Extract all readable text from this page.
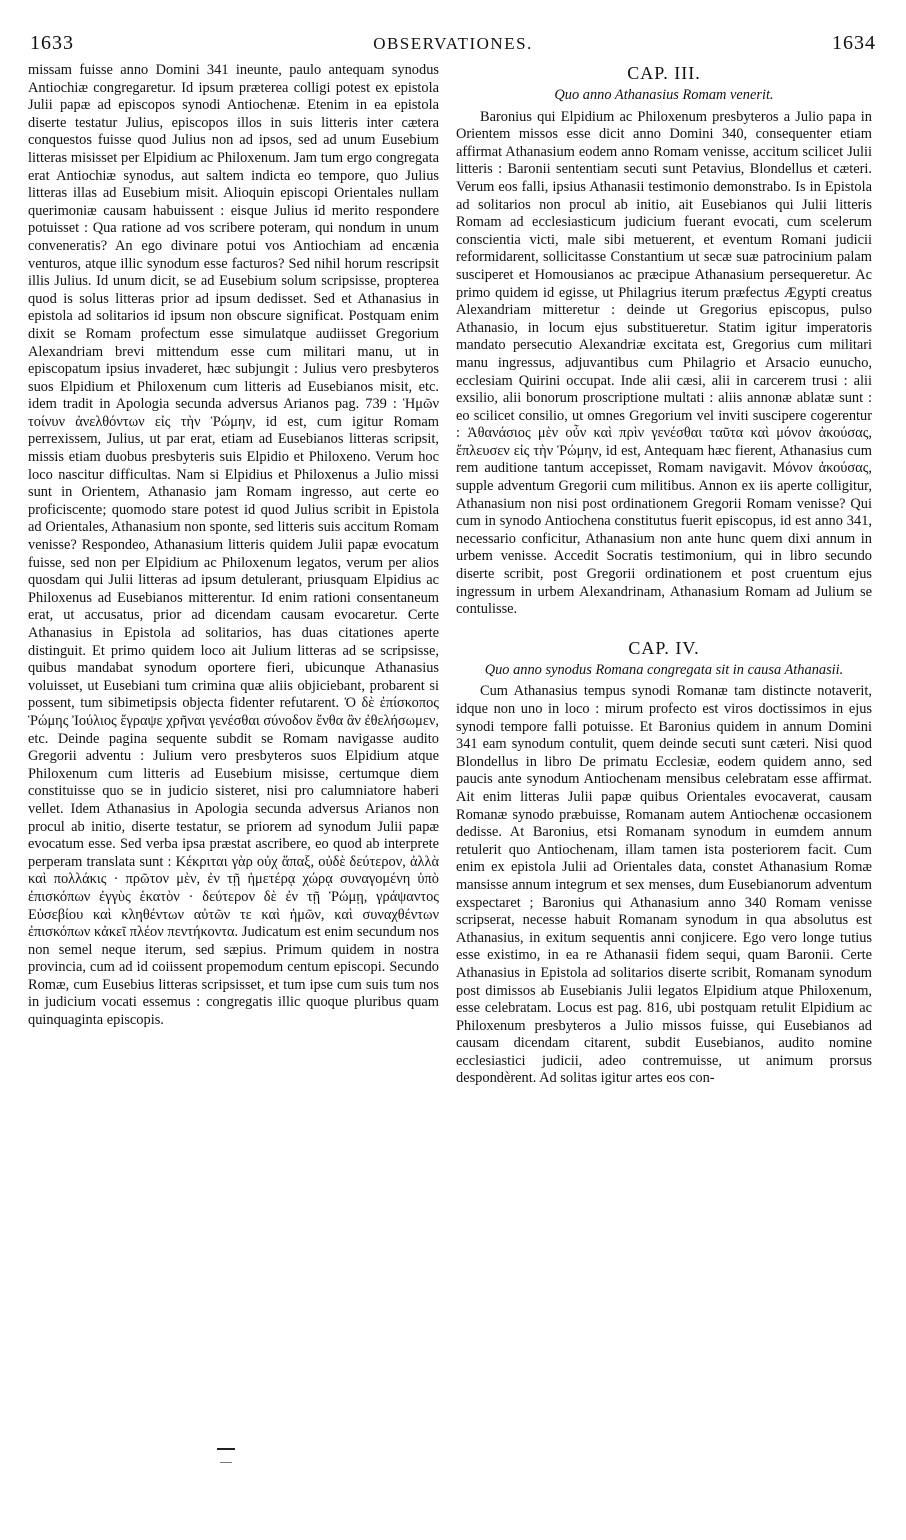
1633	OBSERVATIONES.	1634

missam fuisse anno Domini 341 ineunte, paulo antequam synodus Antiochiæ congregaretur. Id ipsum præterea colligi potest ex epistola Julii papæ ad episcopos synodi Antiochenæ. Etenim in ea epistola diserte testatur Julius, episcopos illos in suis litteris inter cætera conquestos fuisse quod Julius non ad ipsos, sed ad unum Eusebium litteras misisset per Elpidium ac Philoxenum. Jam tum ergo congregata erat Antiochiæ synodus, aut saltem indicta eo tempore, quo Julius litteras illas ad Eusebium misit. Alioquin episcopi Orientales nullam querimoniæ causam habuissent : eisque Julius id merito respondere potuisset : Qua ratione ad vos scribere poteram, qui nondum in unum conveneratis? An ego divinare potui vos Antiochiam ad encænia venturos, atque illic synodum esse facturos? Sed nihil horum rescripsit illis Julius. Id unum dicit, se ad Eusebium solum scripsisse, propterea quod is solus litteras prior ad ipsum dedisset. Sed et Athanasius in epistola ad solitarios id ipsum non obscure significat. Postquam enim dixit se Romam profectum esse simulatque audiisset Gregorium Alexandriam brevi mittendum esse cum militari manu, ut in episcopatum ipsius invaderet, hæc subjungit : Julius vero presbyteros suos Elpidium et Philoxenum cum litteris ad Eusebianos misit, etc. idem tradit in Apologia secunda adversus Arianos pag. 739 : Ἡμῶν τοίνυν ἀνελθόντων εἰς τὴν Ῥώμην, id est, cum igitur Romam perrexissem, Julius, ut par erat, etiam ad Eusebianos litteras scripsit, missis etiam duobus presbyteris suis Elpidio et Philoxeno. Verum hoc loco nascitur difficultas. Nam si Elpidius et Philoxenus a Julio missi sunt in Orientem, Athanasio jam Romam ingresso, aut certe eo proficiscente; quomodo stare potest id quod Julius scribit in Epistola ad Orientales, Athanasium non sponte, sed litteris suis accitum Romam venisse? Respondeo, Athanasium litteris quidem Julii papæ evocatum fuisse, sed non per Elpidium ac Philoxenum legatos, verum per alios quosdam qui Julii litteras ad ipsum detulerant, priusquam Elpidius ac Philoxenus ad Eusebianos mitterentur. Id enim rationi consentaneum erat, ut accusatus, prior ad dicendam causam evocaretur. Certe Athanasius in Epistola ad solitarios, has duas citationes aperte distinguit. Et primo quidem loco ait Julium litteras ad se scripsisse, quibus mandabat synodum oportere fieri, ubicunque Athanasius voluisset, ut Eusebiani tum crimina quæ aliis objiciebant, probarent si possent, tum sibimetipsis objecta fidenter refutarent. Ὁ δὲ ἐπίσκοπος Ῥώμης Ἰούλιος ἔγραψε χρῆναι γενέσθαι σύνοδον ἔνθα ἂν ἐθελήσωμεν, etc. Deinde pagina sequente subdit se Romam navigasse audito Gregorii adventu : Julium vero presbyteros suos Elpidium atque Philoxenum cum litteris ad Eusebium misisse, certumque diem constituisse quo se in judicio sisteret, nisi pro calumniatore haberi vellet. Idem Athanasius in Apologia secunda adversus Arianos non procul ab initio, diserte testatur, se priorem ad synodum Julii papæ evocatum esse. Sed verba ipsa præstat ascribere, eo quod ab interprete perperam translata sunt : Κέκριται γὰρ οὐχ ἅπαξ, οὐδὲ δεύτερον, ἀλλὰ καὶ πολλάκις · πρῶτον μὲν, ἐν τῇ ἡμετέρᾳ χώρᾳ συναγομένη ὑπὸ ἐπισκόπων ἐγγὺς ἑκατὸν · δεύτερον δὲ ἐν τῇ Ῥώμῃ, γράψαντος Εὐσεβίου καὶ κληθέντων αὐτῶν τε καὶ ἡμῶν, καὶ συναχθέντων ἐπισκόπων κἀκεῖ πλέον πεντήκοντα. Judicatum est enim secundum nos non semel neque iterum, sed sæpius. Primum quidem in nostra provincia, cum ad id coiissent propemodum centum episcopi. Secundo Romæ, cum Eusebius litteras scripsisset, et tum ipse cum suis tum nos in judicium vocati essemus : congregatis illic quoque pluribus quam quinquaginta episcopis.

CAP. III.
Quo anno Athanasius Romam venerit.

Baronius qui Elpidium ac Philoxenum presbyteros a Julio papa in Orientem missos esse dicit anno Domini 340, consequenter etiam affirmat Athanasium eodem anno Romam venisse, accitum scilicet Julii litteris : Baronii sententiam secuti sunt Petavius, Blondellus et cæteri. Verum eos falli, ipsius Athanasii testimonio demonstrabo. Is in Epistola ad solitarios non procul ab initio, ait Eusebianos qui Julii litteris Romam ad ecclesiasticum judicium fuerant evocati, cum scelerum conscientia victi, male sibi metuerent, et eventum Romani judicii reformidarent, sollicitasse Constantium ut secæ suæ patrocinium palam susciperet et Homousianos ac præcipue Athanasium persequeretur. Ac primo quidem id egisse, ut Philagrius iterum præfectus Ægypti creatus Alexandriam mitteretur : deinde ut Gregorius episcopus, pulso Athanasio, in locum ejus substitueretur. Statim igitur imperatoris mandato persecutio Alexandriæ excitata est, Gregorius cum militari manu ingressus, adjuvantibus cum Philagrio et Arsacio eunucho, ecclesiam Quirini occupat. Inde alii cæsi, alii in carcerem trusi : alii exsilio, alii bonorum proscriptione multati : aliis annonæ ablatæ sunt : eo scilicet consilio, ut omnes Gregorium vel inviti suscipere cogerentur : Ἀθανάσιος μὲν οὖν καὶ πρὶν γενέσθαι ταῦτα καὶ μόνον ἀκούσας, ἔπλευσεν εἰς τὴν Ῥώμην, id est, Antequam hæc fierent, Athanasius cum rem auditione tantum accepisset, Romam navigavit. Μόνον ἀκούσας, supple adventum Gregorii cum militibus. Annon ex iis aperte colligitur, Athanasium non nisi post ordinationem Gregorii Romam venisse? Qui cum in synodo Antiochena constitutus fuerit episcopus, id est anno 341, necessario conficitur, Athanasium non ante hunc quem dixi annum in urbem venisse. Accedit Socratis testimonium, qui in libro secundo diserte scribit, post Gregorii ordinationem et post cruentum ejus ingressum in urbem Alexandrinam, Athanasium Romam ad Julium se contulisse.

CAP. IV.
Quo anno synodus Romana congregata sit in causa Athanasii.

Cum Athanasius tempus synodi Romanæ tam distincte notaverit, idque non uno in loco : mirum profecto est viros doctissimos in ejus synodi tempore falli potuisse. Et Baronius quidem in annum Domini 341 eam synodum contulit, quem deinde secuti sunt cæteri. Nisi quod Blondellus in libro De primatu Ecclesiæ, eodem quidem anno, sed paucis ante synodum Antiochenam mensibus celebratam esse affirmat. Ait enim litteras Julii papæ quibus Orientales evocaverat, causam Romanæ synodo præbuisse, Romanam autem Antiochenæ occasionem dedisse. At Baronius, etsi Romanam synodum in eumdem annum retulerit quo Antiochenam, illam tamen ista posteriorem facit. Cum enim ex epistola Julii ad Orientales data, constet Athanasium Romæ mansisse annum integrum et sex menses, dum Eusebianorum adventum exspectaret ; Baronius qui Athanasium anno 340 Romam venisse scripserat, necesse habuit Romanam synodum in qua absolutus est Athanasius, in exitum sequentis anni conjicere. Ego vero longe tutius esse existimo, in ea re Athanasii fidem sequi, quam Baronii. Certe Athanasius in Epistola ad solitarios diserte scribit, Romanam synodum post dimissos ab Eusebianis Julii legatos Elpidium atque Philoxenum, esse celebratam. Locus est pag. 816, ubi postquam retulit Elpidium ac Philoxenum presbyteros a Julio missos fuisse, qui Eusebianos ad causam dicendam citarent, subdit Eusebianos, audito nomine ecclesiastici judicii, adeo contremuisse, ut animum prorsus despondèrent. Ad solitas igitur artes eos con-
